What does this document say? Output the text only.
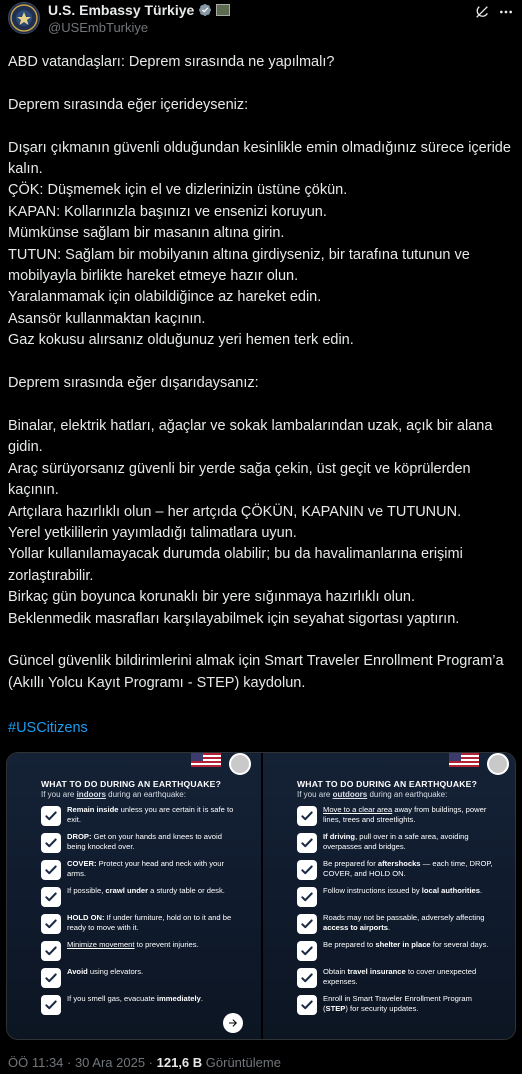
U.S. Embassy Türkiye
@USEmbTurkiye
ABD vatandaşları: Deprem sırasında ne yapılmalı?

Deprem sırasında eğer içerideyseniz:

Dışarı çıkmanın güvenli olduğundan kesinlikle emin olmadığınız sürece içeride kalın.
ÇÖK: Düşmemek için el ve dizlerinizin üstüne çökün.
KAPAN: Kollarınızla başınızı ve ensenizi koruyun.
Mümkünse sağlam bir masanın altına girin.
TUTUN: Sağlam bir mobilyanın altına girdiyseniz, bir tarafına tutunun ve mobilyayla birlikte hareket etmeye hazır olun.
Yaralanmamak için olabildiğince az hareket edin.
Asansör kullanmaktan kaçının.
Gaz kokusu alırsanız olduğunuz yeri hemen terk edin.

Deprem sırasında eğer dışarıdaysanız:

Binalar, elektrik hatları, ağaçlar ve sokak lambalarından uzak, açık bir alana gidin.
Araç sürüyorsanız güvenli bir yerde sağa çekin, üst geçit ve köprülerden kaçının.
Artçılara hazırlıklı olun – her artçıda ÇÖKÜN, KAPANIN ve TUTUNUN.
Yerel yetkililerin yayımladığı talimatlara uyun.
Yollar kullanılamayacak durumda olabilir; bu da havalimanlarına erişimi zorlaştırabilir.
Birkaç gün boyunca korunaklı bir yere sığınmaya hazırlıklı olun.
Beklenmedik masrafları karşılayabilmek için seyahat sigortası yaptırın.

Güncel güvenlik bildirimlerini almak için Smart Traveler Enrollment Program’a (Akıllı Yolcu Kayıt Programı - STEP) kaydolun.
#USCitizens
WHAT TO DO DURING AN EARTHQUAKE?
If you are indoors during an earthquake:
Remain inside unless you are certain it is safe to exit.
DROP: Get on your hands and knees to avoid being knocked over.
COVER: Protect your head and neck with your arms.
If possible, crawl under a sturdy table or desk.
HOLD ON: If under furniture, hold on to it and be ready to move with it.
Minimize movement to prevent injuries.
Avoid using elevators.
If you smell gas, evacuate immediately.
WHAT TO DO DURING AN EARTHQUAKE?
If you are outdoors during an earthquake:
Move to a clear area away from buildings, power lines, trees and streetlights.
If driving, pull over in a safe area, avoiding overpasses and bridges.
Be prepared for aftershocks — each time, DROP, COVER, and HOLD ON.
Follow instructions issued by local authorities.
Roads may not be passable, adversely affecting access to airports.
Be prepared to shelter in place for several days.
Obtain travel insurance to cover unexpected expenses.
Enroll in Smart Traveler Enrollment Program (STEP) for security updates.
ÖÖ 11:34 · 30 Ara 2025 · 121,6 B Görüntüleme
